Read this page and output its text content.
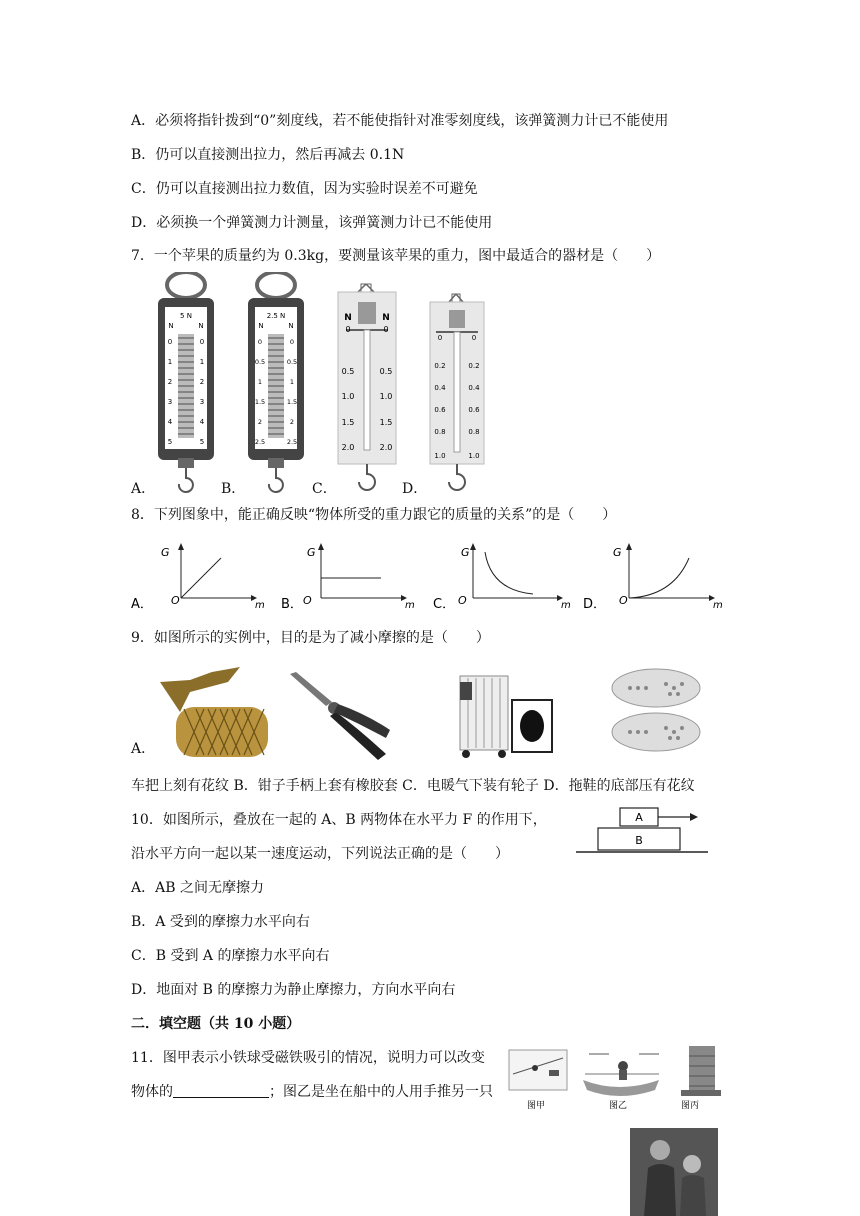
A．必须将指针拨到“0”刻度线，若不能使指针对准零刻度线，该弹簧测力计已不能使用
B．仍可以直接测出拉力，然后再减去 0.1N
C．仍可以直接测出拉力数值，因为实验时误差不可避免
D．必须换一个弹簧测力计测量，该弹簧测力计已不能使用
7．一个苹果的质量约为 0.3kg，要测量该苹果的重力，图中最适合的器材是（　　）
5 N
N	N
0
1
2
3
4
5
0
1
2
3
4
5
2.5 N
N	N
0
0.5
1
1.5
2
2.5
0
0.5
1
1.5
2
2.5
N	N
0
0.5
1.0
1.5
2.0
0
0.5
1.0
1.5
2.0
0
0.2
0.4
0.6
0.8
1.0
0
0.2
0.4
0.6
0.8
1.0
A．	B．	C．	D．
8．下列图象中，能正确反映“物体所受的重力跟它的质量的关系”的是（　　）
A． O
G
m B． O
G
m C． O
G
m D． O
G
m
9．如图所示的实例中，目的是为了减小摩擦的是（　　）
A．
车把上刻有花纹 B．钳子手柄上套有橡胶套 C．电暖气下装有轮子 D．拖鞋的底部压有花纹
10．如图所示，叠放在一起的 A、B 两物体在水平力 F 的作用下，
沿水平方向一起以某一速度运动，下列说法正确的是（　　）
A
B
A．AB 之间无摩擦力
B．A 受到的摩擦力水平向右
C．B 受到 A 的摩擦力水平向右
D．地面对 B 的摩擦力为静止摩擦力，方向水平向右
二．填空题（共 10 小题）
11．图甲表示小铁球受磁铁吸引的情况，说明力可以改变
物体的	；图乙是坐在船中的人用手推另一只
图甲	图乙	图丙
